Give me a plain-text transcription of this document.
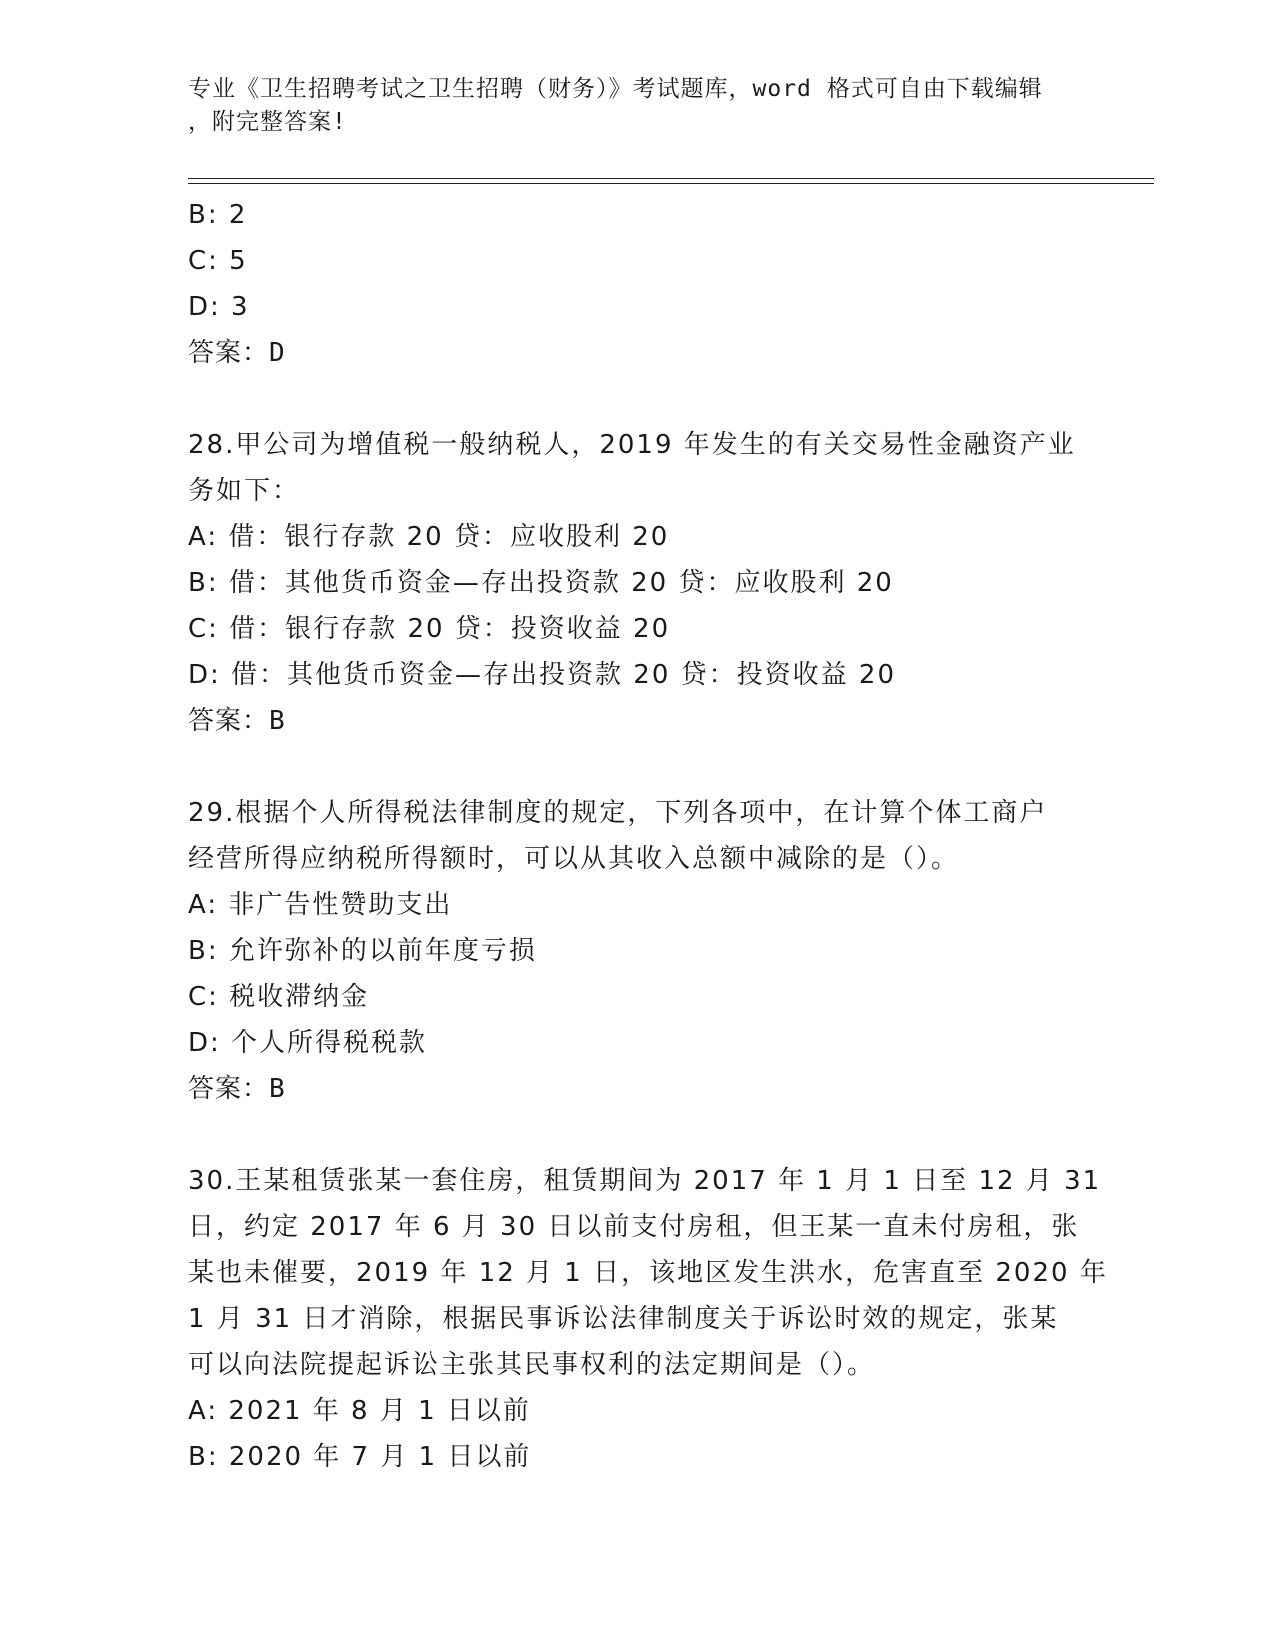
专业《卫生招聘考试之卫生招聘（财务）》考试题库，word 格式可自由下载编辑
，附完整答案!
B: 2
C: 5
D: 3
答案：D
28.甲公司为增值税一般纳税人，2019 年发生的有关交易性金融资产业
务如下：
A: 借：银行存款 20 贷：应收股利 20
B: 借：其他货币资金—存出投资款 20 贷：应收股利 20
C: 借：银行存款 20 贷：投资收益 20
D: 借：其他货币资金—存出投资款 20 贷：投资收益 20
答案：B
29.根据个人所得税法律制度的规定，下列各项中，在计算个体工商户
经营所得应纳税所得额时，可以从其收入总额中减除的是（）。
A: 非广告性赞助支出
B: 允许弥补的以前年度亏损
C: 税收滞纳金
D: 个人所得税税款
答案：B
30.王某租赁张某一套住房，租赁期间为 2017 年 1 月 1 日至 12 月 31
日，约定 2017 年 6 月 30 日以前支付房租，但王某一直未付房租，张
某也未催要，2019 年 12 月 1 日，该地区发生洪水，危害直至 2020 年
1 月 31 日才消除，根据民事诉讼法律制度关于诉讼时效的规定，张某
可以向法院提起诉讼主张其民事权利的法定期间是（）。
A: 2021 年 8 月 1 日以前
B: 2020 年 7 月 1 日以前
